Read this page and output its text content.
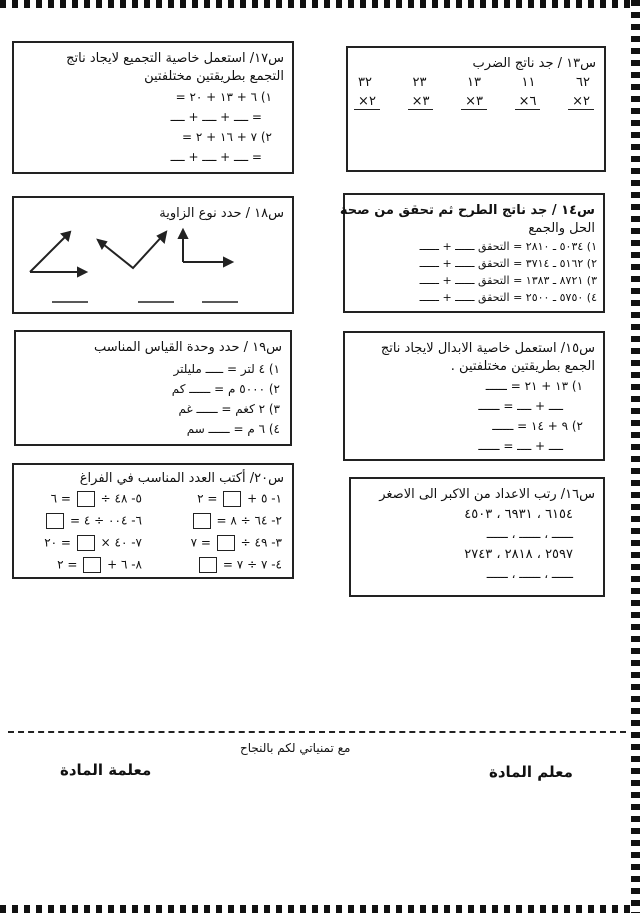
س١٧/ استعمل خاصية التجميع لايجاد ناتج
التجمع بطريقتين مختلفتين
١) ٦ + ١٣ + ٢٠ =
= ــــ + ــــ + ــــ
٢) ٧ + ١٦ + ٢ =
= ــــ + ــــ + ــــ
س١٣ / جد ناتج الضرب
٦٢
١١
١٣
٢٣
٣٢
٢×
٦×
٣×
٣×
٢×
س١٨ / حدد نوع الزاوية	س١٤ / جد ناتج الطرح ثم تحقق من صحة
الحل والجمع
١) ٥٠٣٤ ـ ٢٨١٠ = التحقق ــــــ + ــــــ
٢) ٥١٦٢ ـ ٣٧١٤ = التحقق ــــــ + ــــــ
٣) ٨٧٢١ ـ ١٣٨٣ = التحقق ــــــ + ــــــ
٤) ٥٧٥٠ ـ ٢٥٠٠ = التحقق ــــــ + ــــــ
س١٩ / حدد وحدة القياس المناسب
١) ٤ لتر = ـــــ مليلتر
٢) ٥٠٠٠ م = ــــــ كم
٣) ٢ كغم = ــــــ غم
٤) ٦ م = ــــــ سم
س١٥/ استعمل خاصية الابدال لايجاد ناتج
الجمع بطريقتين مختلفتين .
١) ١٣ + ٢١ = ــــــ
ــــ + ــــ = ــــــ
٢) ٩ + ١٤ = ــــــ
ــــ + ــــ = ــــــ
س٢٠/ أكتب العدد المناسب في الفراغ
١- ٥ +  = ٢
٥- ٤٨ ÷  = ٦
٢- ٦٤ ÷ ٨ =
٦- ٠٠٤ ÷ ٤ =
٣- ٤٩ ÷  = ٧
٧- ٤٠ ×  = ٢٠
٤- ٧ ÷ ٧ =
٨- ٦ +  = ٢
س١٦/ رتب الاعداد من الاكبر الى الاصغر
٦١٥٤ ، ٦٩٣١ ، ٤٥٠٣
ــــــ ، ــــــ ، ــــــ
٢٥٩٧ ، ٢٨١٨ ، ٢٧٤٣
ــــــ ، ــــــ ، ــــــ
مع تمنياتي لكم بالنجاح
معلمة المادة	معلم المادة
